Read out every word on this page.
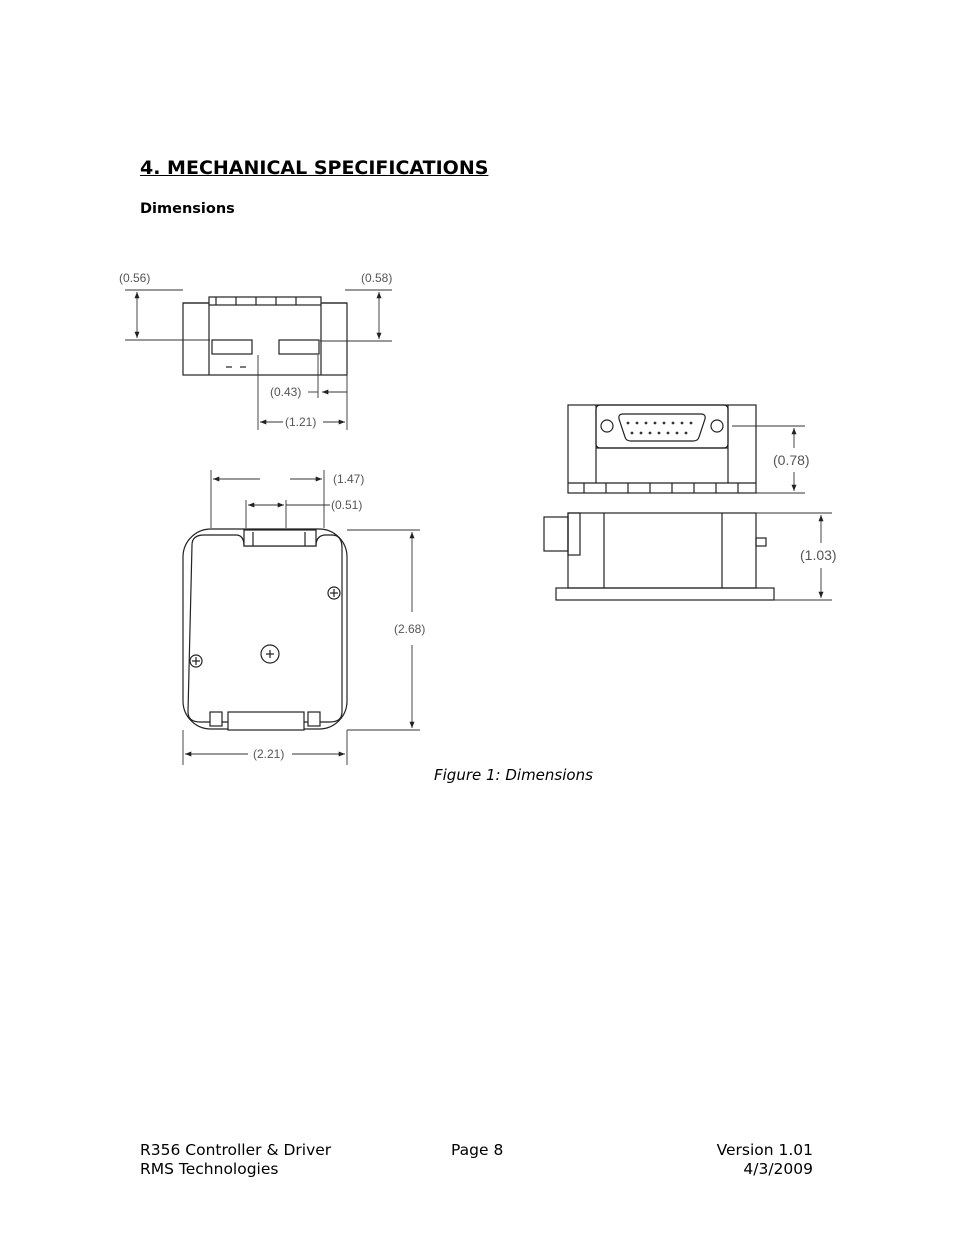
4. MECHANICAL SPECIFICATIONS
Dimensions
(0.56)	(0.58)
(0.43)
(1.21)
(1.47)
(0.51)
(2.68)
(2.21)
(0.78)
(1.03)
Figure 1: Dimensions
R356 Controller & Driver
RMS Technologies
Page 8	Version 1.01
4/3/2009
